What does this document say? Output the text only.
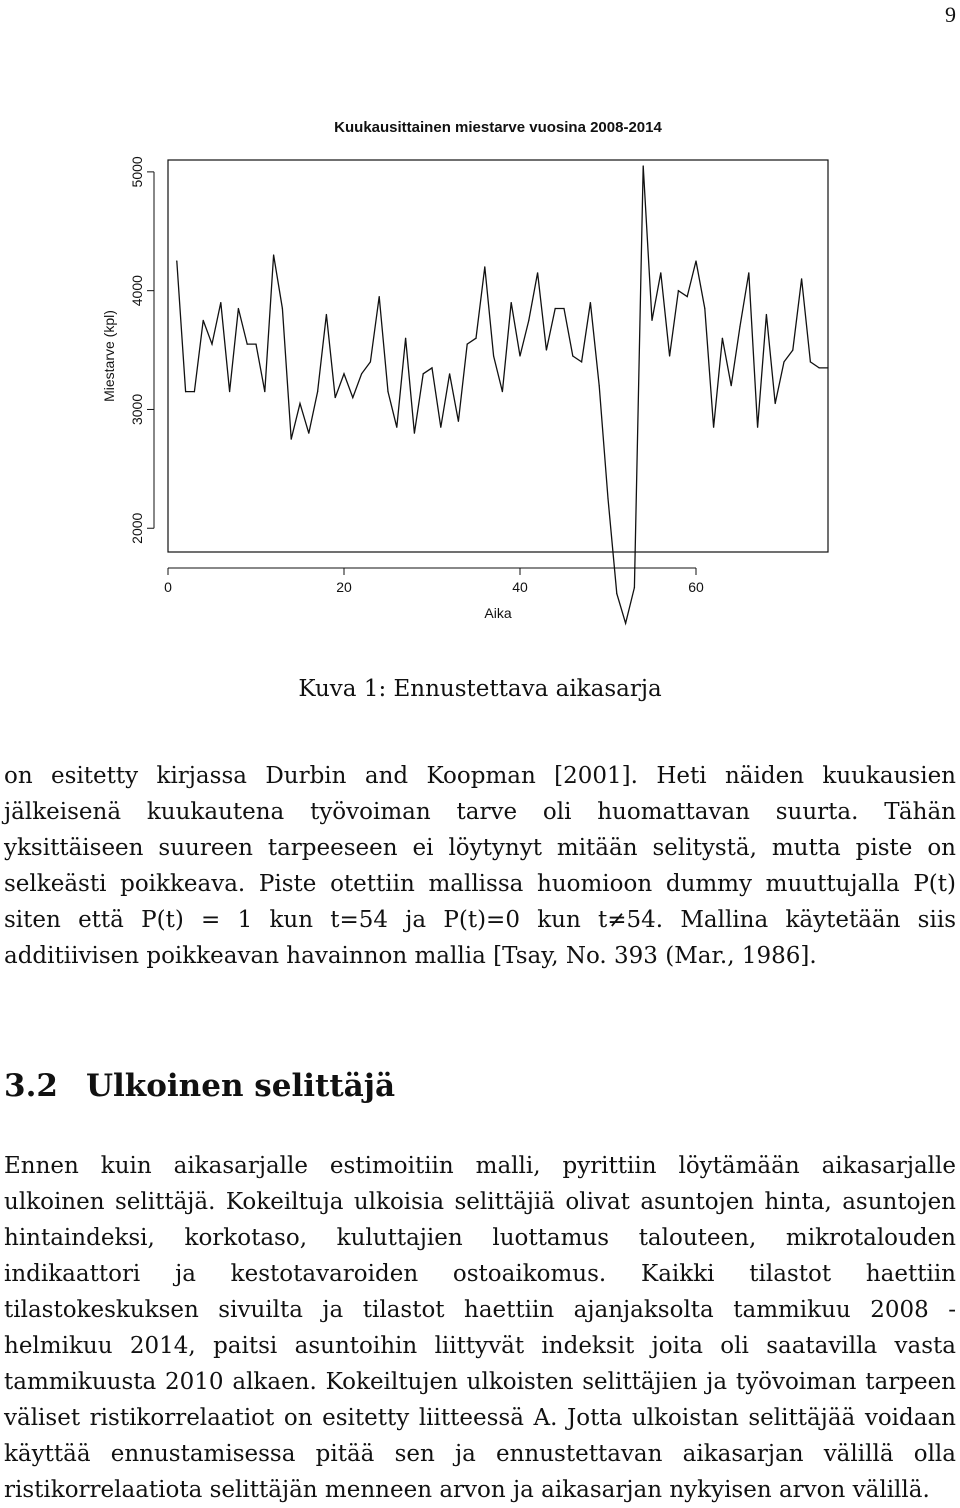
9
Kuukausittainen miestarve vuosina 2008-2014
0	20	40	60
2000
3000
4000
5000
Aika
Miestarve (kpl)
Kuva 1: Ennustettava aikasarja

on esitetty kirjassa Durbin and Koopman [2001]. Heti näiden kuukausien jälkeisenä kuukautena työvoiman tarve oli huomattavan suurta. Tähän yksittäiseen suureen tarpeeseen ei löytynyt mitään selitystä, mutta piste on selkeästi poikkeava. Piste otettiin mallissa huomioon dummy muuttujalla P(t) siten että P(t) = 1 kun t=54 ja P(t)=0 kun t≠54. Mallina käytetään siis additiivisen poikkeavan havainnon mallia [Tsay, No. 393 (Mar., 1986].

3.2 Ulkoinen selittäjä

Ennen kuin aikasarjalle estimoitiin malli, pyrittiin löytämään aikasarjalle ulkoinen selittäjä. Kokeiltuja ulkoisia selittäjiä olivat asuntojen hinta, asuntojen hintaindeksi, korkotaso, kuluttajien luottamus talouteen, mikrotalouden indikaattori ja kestotavaroiden ostoaikomus. Kaikki tilastot haettiin tilastokeskuksen sivuilta ja tilastot haettiin ajanjaksolta tammikuu 2008 - helmikuu 2014, paitsi asuntoihin liittyvät indeksit joita oli saatavilla vasta tammikuusta 2010 alkaen. Kokeiltujen ulkoisten selittäjien ja työvoiman tarpeen väliset ristikorrelaatiot on esitetty liitteessä A. Jotta ulkoistan selittäjää voidaan käyttää ennustamisessa pitää sen ja ennustettavan aikasarjan välillä olla ristikorrelaatiota selittäjän menneen arvon ja aikasarjan nykyisen arvon välillä.
